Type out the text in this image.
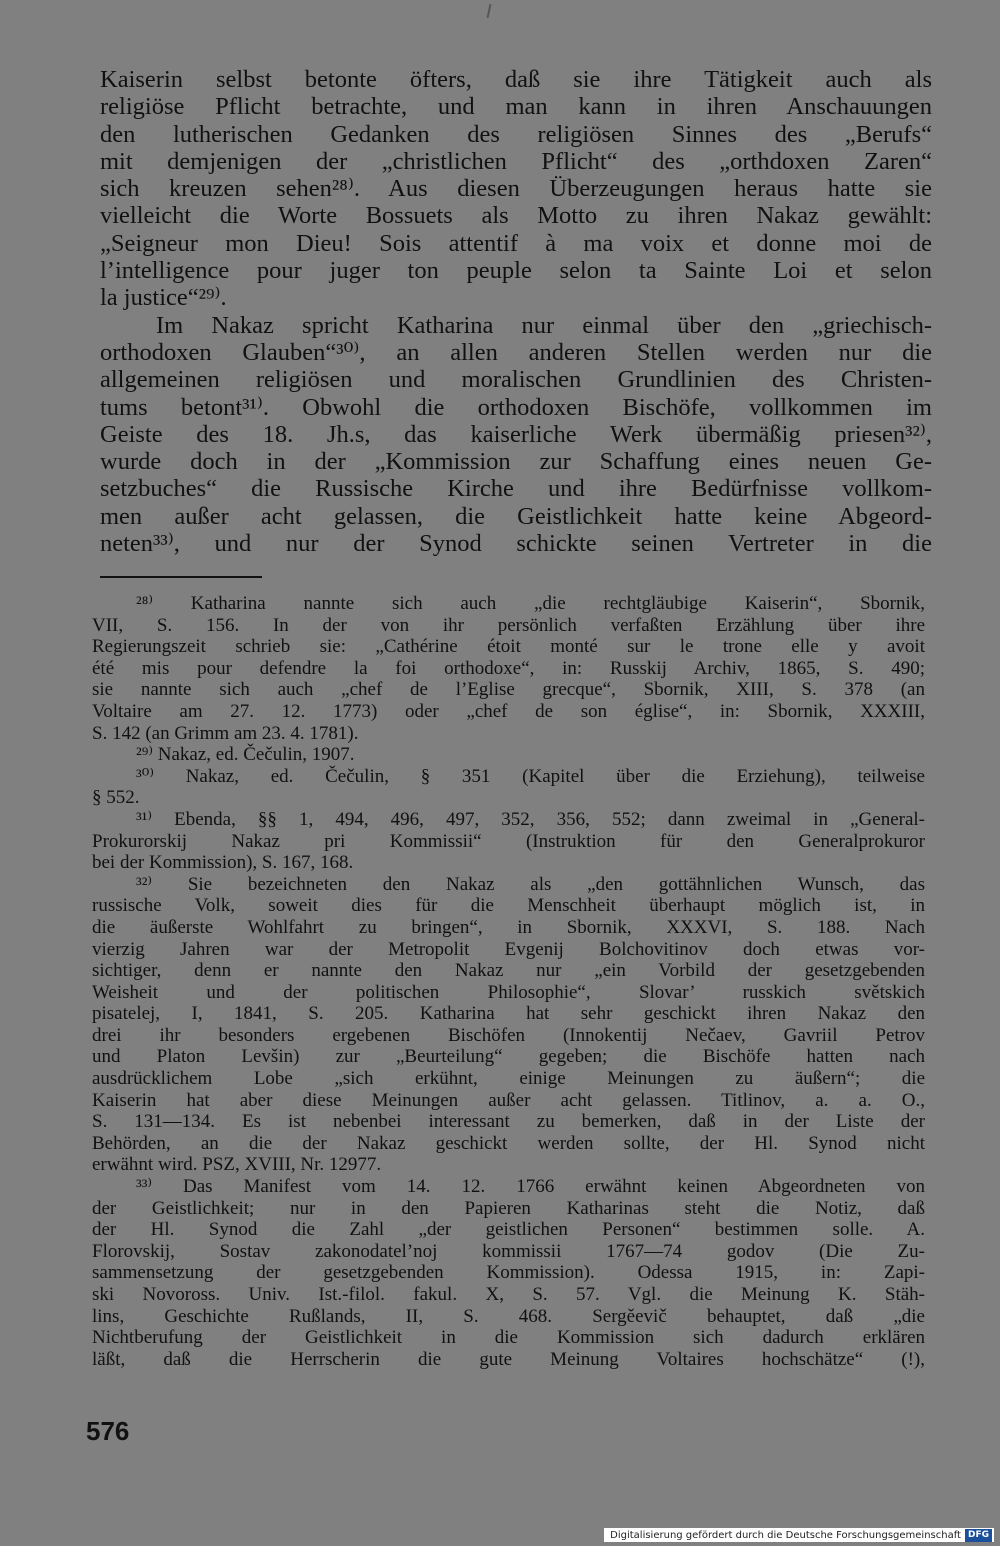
Kaiserin selbst betonte öfters, daß sie ihre Tätigkeit auch als
religiöse Pflicht betrachte, und man kann in ihren Anschauungen
den lutherischen Gedanken des religiösen Sinnes des „Berufs“
mit demjenigen der „christlichen Pflicht“ des „orthdoxen Zaren“
sich kreuzen sehen²⁸⁾. Aus diesen Überzeugungen heraus hatte sie
vielleicht die Worte Bossuets als Motto zu ihren Nakaz gewählt:
„Seigneur mon Dieu! Sois attentif à ma voix et donne moi de
l’intelligence pour juger ton peuple selon ta Sainte Loi et selon
la justice“²⁹⁾.
Im Nakaz spricht Katharina nur einmal über den „griechisch-
orthodoxen Glauben“³⁰⁾, an allen anderen Stellen werden nur die
allgemeinen religiösen und moralischen Grundlinien des Christen-
tums betont³¹⁾. Obwohl die orthodoxen Bischöfe, vollkommen im
Geiste des 18. Jh.s, das kaiserliche Werk übermäßig priesen³²⁾,
wurde doch in der „Kommission zur Schaffung eines neuen Ge-
setzbuches“ die Russische Kirche und ihre Bedürfnisse vollkom-
men außer acht gelassen, die Geistlichkeit hatte keine Abgeord-
neten³³⁾, und nur der Synod schickte seinen Vertreter in die
²⁸⁾ Katharina nannte sich auch „die rechtgläubige Kaiserin“, Sbornik,
VII, S. 156. In der von ihr persönlich verfaßten Erzählung über ihre
Regierungszeit schrieb sie: „Cathérine étoit monté sur le trone elle y avoit
été mis pour defendre la foi orthodoxe“, in: Russkij Archiv, 1865, S. 490;
sie nannte sich auch „chef de l’Eglise grecque“, Sbornik, XIII, S. 378 (an
Voltaire am 27. 12. 1773) oder „chef de son église“, in: Sbornik, XXXIII,
S. 142 (an Grimm am 23. 4. 1781).
²⁹⁾ Nakaz, ed. Čečulin, 1907.
³⁰⁾ Nakaz, ed. Čečulin, § 351 (Kapitel über die Erziehung), teilweise
§ 552.
³¹⁾ Ebenda, §§ 1, 494, 496, 497, 352, 356, 552; dann zweimal in „General-
Prokurorskij Nakaz pri Kommissii“ (Instruktion für den Generalprokuror
bei der Kommission), S. 167, 168.
³²⁾ Sie bezeichneten den Nakaz als „den gottähnlichen Wunsch, das
russische Volk, soweit dies für die Menschheit überhaupt möglich ist, in
die äußerste Wohlfahrt zu bringen“, in Sbornik, XXXVI, S. 188. Nach
vierzig Jahren war der Metropolit Evgenij Bolchovitinov doch etwas vor-
sichtiger, denn er nannte den Nakaz nur „ein Vorbild der gesetzgebenden
Weisheit und der politischen Philosophie“, Slovar’ russkich světskich
pisatelej, I, 1841, S. 205. Katharina hat sehr geschickt ihren Nakaz den
drei ihr besonders ergebenen Bischöfen (Innokentij Nečaev, Gavriil Petrov
und Platon Levšin) zur „Beurteilung“ gegeben; die Bischöfe hatten nach
ausdrücklichem Lobe „sich erkühnt, einige Meinungen zu äußern“; die
Kaiserin hat aber diese Meinungen außer acht gelassen. Titlinov, a. a. O.,
S. 131—134. Es ist nebenbei interessant zu bemerken, daß in der Liste der
Behörden, an die der Nakaz geschickt werden sollte, der Hl. Synod nicht
erwähnt wird. PSZ, XVIII, Nr. 12977.
³³⁾ Das Manifest vom 14. 12. 1766 erwähnt keinen Abgeordneten von
der Geistlichkeit; nur in den Papieren Katharinas steht die Notiz, daß
der Hl. Synod die Zahl „der geistlichen Personen“ bestimmen solle. A.
Florovskij, Sostav zakonodatel’noj kommissii 1767—74 godov (Die Zu-
sammensetzung der gesetzgebenden Kommission). Odessa 1915, in: Zapi-
ski Novoross. Univ. Ist.-filol. fakul. X, S. 57. Vgl. die Meinung K. Stäh-
lins, Geschichte Rußlands, II, S. 468. Sergěevič behauptet, daß „die
Nichtberufung der Geistlichkeit in die Kommission sich dadurch erklären
läßt, daß die Herrscherin die gute Meinung Voltaires hochschätze“ (!),
576
Digitalisierung gefördert durch die Deutsche Forschungsgemeinschaft DFG
